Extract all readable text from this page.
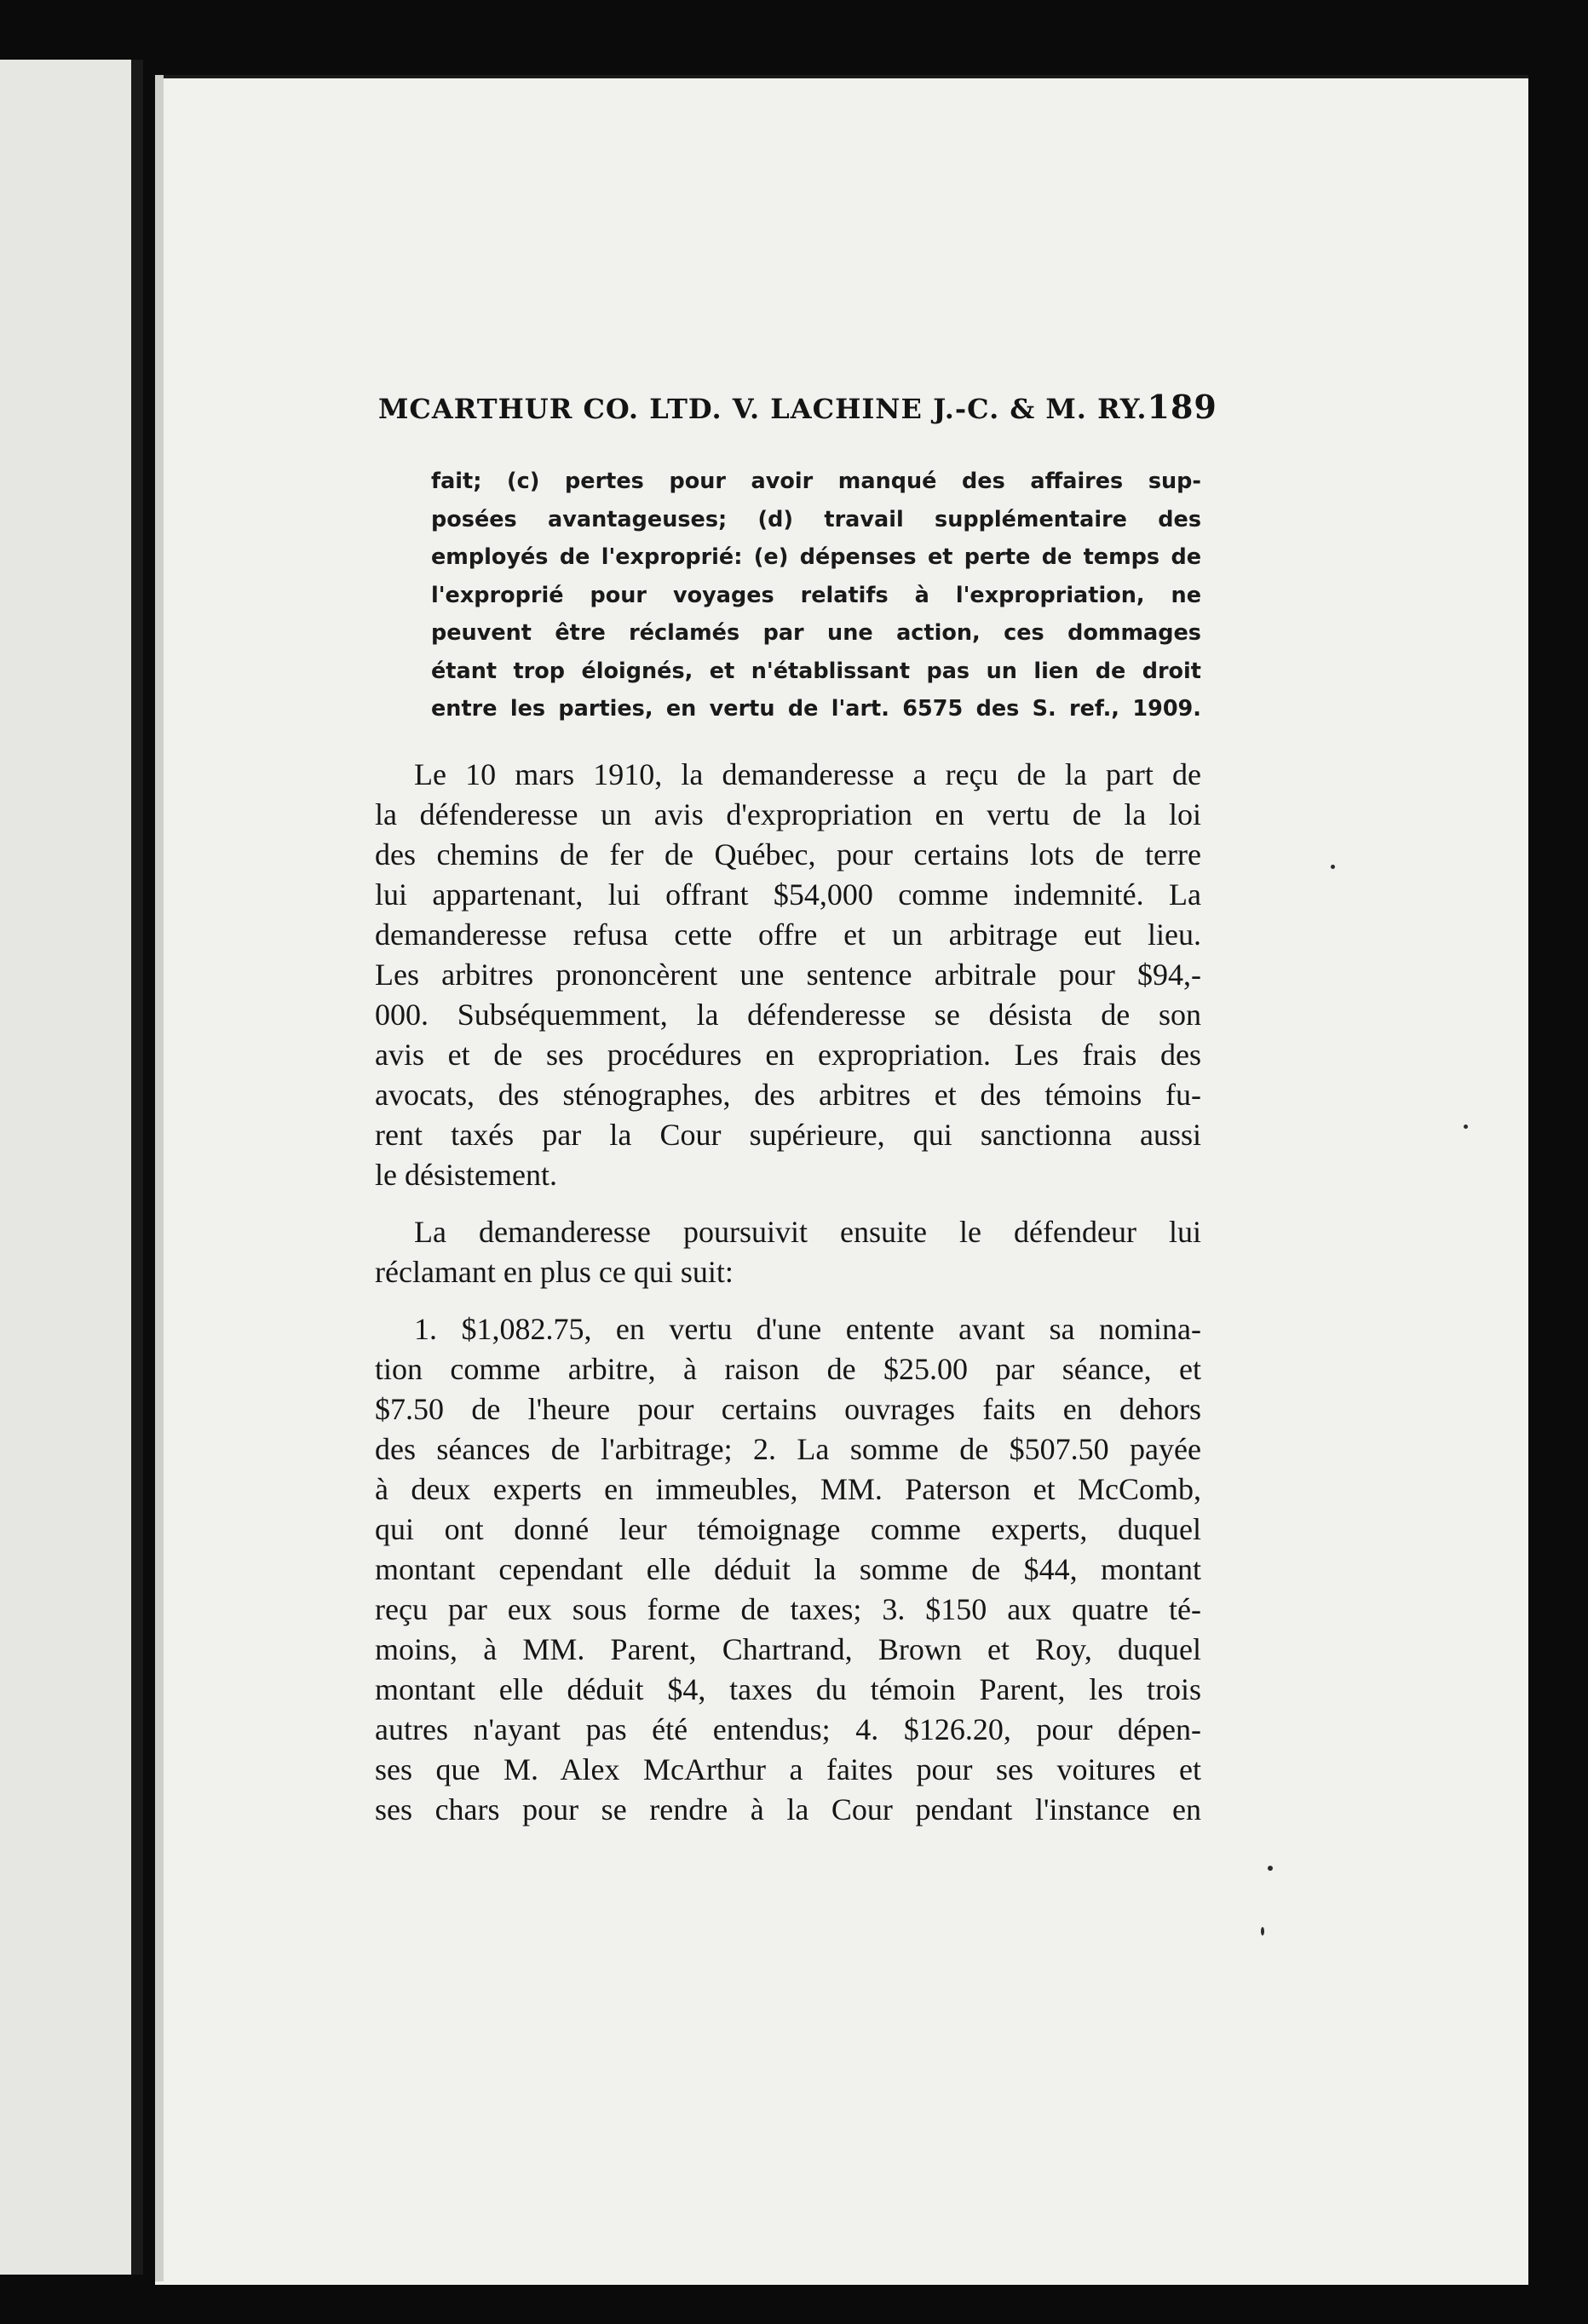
MCARTHUR CO. LTD. V. LACHINE J.-C. & M. RY. 189
fait; (c) pertes pour avoir manqué des affaires sup-
posées avantageuses; (d) travail supplémentaire des
employés de l'exproprié: (e) dépenses et perte de temps de
l'exproprié pour voyages relatifs à l'expropriation, ne
peuvent être réclamés par une action, ces dommages
étant trop éloignés, et n'établissant pas un lien de droit
entre les parties, en vertu de l'art. 6575 des S. ref., 1909.
Le 10 mars 1910, la demanderesse a reçu de la part de
la défenderesse un avis d'expropriation en vertu de la loi
des chemins de fer de Québec, pour certains lots de terre
lui appartenant, lui offrant $54,000 comme indemnité. La
demanderesse refusa cette offre et un arbitrage eut lieu.
Les arbitres prononcèrent une sentence arbitrale pour $94,-
000. Subséquemment, la défenderesse se désista de son
avis et de ses procédures en expropriation. Les frais des
avocats, des sténographes, des arbitres et des témoins fu-
rent taxés par la Cour supérieure, qui sanctionna aussi
le désistement.
La demanderesse poursuivit ensuite le défendeur lui
réclamant en plus ce qui suit:
1. $1,082.75, en vertu d'une entente avant sa nomina-
tion comme arbitre, à raison de $25.00 par séance, et
$7.50 de l'heure pour certains ouvrages faits en dehors
des séances de l'arbitrage; 2. La somme de $507.50 payée
à deux experts en immeubles, MM. Paterson et McComb,
qui ont donné leur témoignage comme experts, duquel
montant cependant elle déduit la somme de $44, montant
reçu par eux sous forme de taxes; 3. $150 aux quatre té-
moins, à MM. Parent, Chartrand, Brown et Roy, duquel
montant elle déduit $4, taxes du témoin Parent, les trois
autres n'ayant pas été entendus; 4. $126.20, pour dépen-
ses que M. Alex McArthur a faites pour ses voitures et
ses chars pour se rendre à la Cour pendant l'instance en
